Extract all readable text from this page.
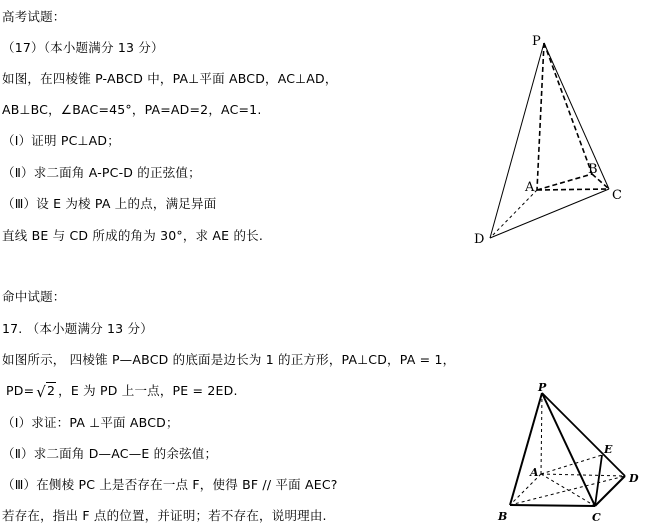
高考试题：
（17）（本小题满分 13 分）
如图，在四棱锥 P-ABCD 中，PA⊥平面 ABCD，AC⊥AD，
AB⊥BC，∠BAC=45°，PA=AD=2，AC=1.
（Ⅰ）证明 PC⊥AD；
（Ⅱ）求二面角 A-PC-D 的正弦值；
（Ⅲ）设 E 为棱 PA 上的点，满足异面
直线 BE 与 CD 所成的角为 30°，求 AE 的长.
P
A
B
C
D
命中试题：
17. （本小题满分 13 分）
如图所示， 四棱锥 P—ABCD 的底面是边长为 1 的正方形，PA⊥CD，PA = 1，
PD= √2 ，E 为 PD 上一点，PE = 2ED.
（Ⅰ）求证：PA ⊥平面 ABCD；
（Ⅱ）求二面角 D—AC—E 的余弦值；
（Ⅲ）在侧棱 PC 上是否存在一点 F，使得 BF // 平面 AEC?
若存在，指出 F 点的位置，并证明；若不存在，说明理由.
P
A
B	C
D
E
